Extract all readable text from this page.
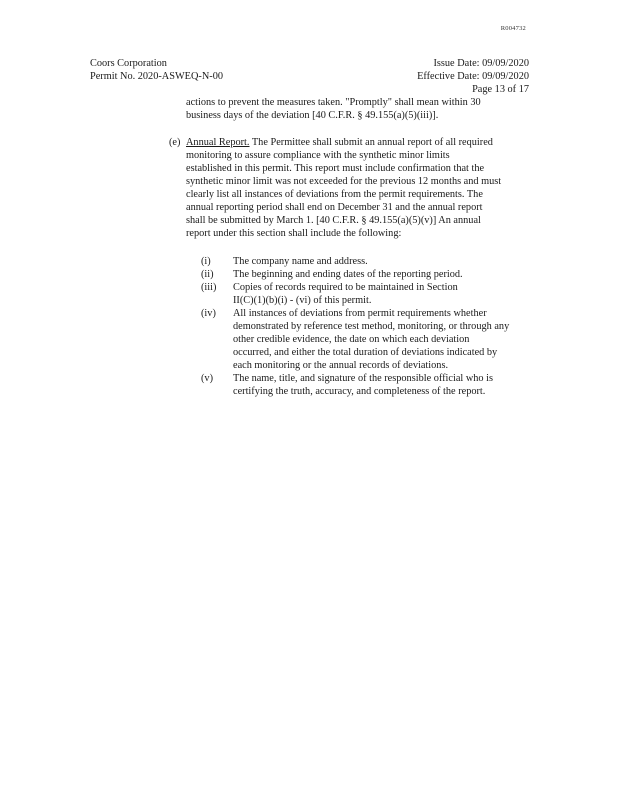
R004732
Coors Corporation
Permit No. 2020-ASWEQ-N-00
Issue Date: 09/09/2020
Effective Date: 09/09/2020
Page 13 of 17
actions to prevent the measures taken. "Promptly" shall mean within 30
business days of the deviation [40 C.F.R. § 49.155(a)(5)(iii)].
(e) Annual Report. The Permittee shall submit an annual report of all required
monitoring to assure compliance with the synthetic minor limits
established in this permit. This report must include confirmation that the
synthetic minor limit was not exceeded for the previous 12 months and must
clearly list all instances of deviations from the permit requirements. The
annual reporting period shall end on December 31 and the annual report
shall be submitted by March 1. [40 C.F.R. § 49.155(a)(5)(v)] An annual
report under this section shall include the following:
(i) The company name and address.
(ii) The beginning and ending dates of the reporting period.
(iii) Copies of records required to be maintained in Section
II(C)(1)(b)(i) - (vi) of this permit.
(iv) All instances of deviations from permit requirements whether
demonstrated by reference test method, monitoring, or through any
other credible evidence, the date on which each deviation
occurred, and either the total duration of deviations indicated by
each monitoring or the annual records of deviations.
(v) The name, title, and signature of the responsible official who is
certifying the truth, accuracy, and completeness of the report.
